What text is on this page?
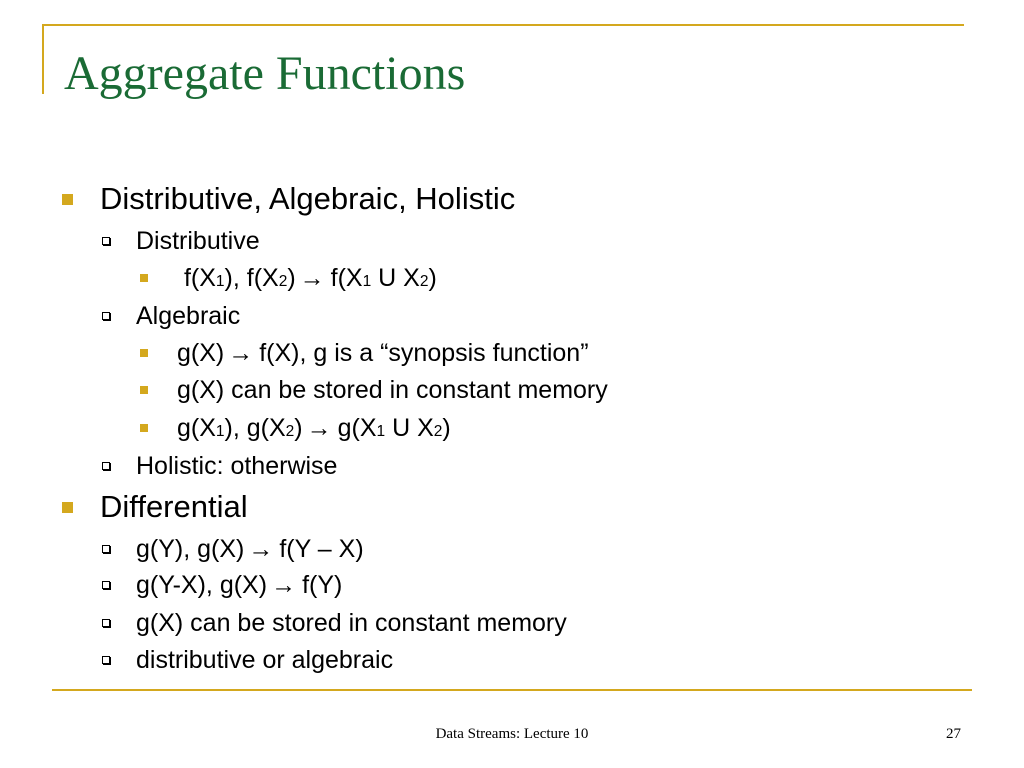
Aggregate Functions
Distributive, Algebraic, Holistic
Distributive
f(X 1 ), f(X 2 ) → f(X 1 U X 2 )
Algebraic
g(X) → f(X), g is a “synopsis function”
g(X) can be stored in constant memory
g(X 1 ), g(X 2 ) → g(X 1 U X 2 )
Holistic: otherwise
Differential
g(Y), g(X) → f(Y – X)
g(Y-X), g(X) → f(Y)
g(X) can be stored in constant memory
distributive or algebraic
Data Streams: Lecture 10	27
